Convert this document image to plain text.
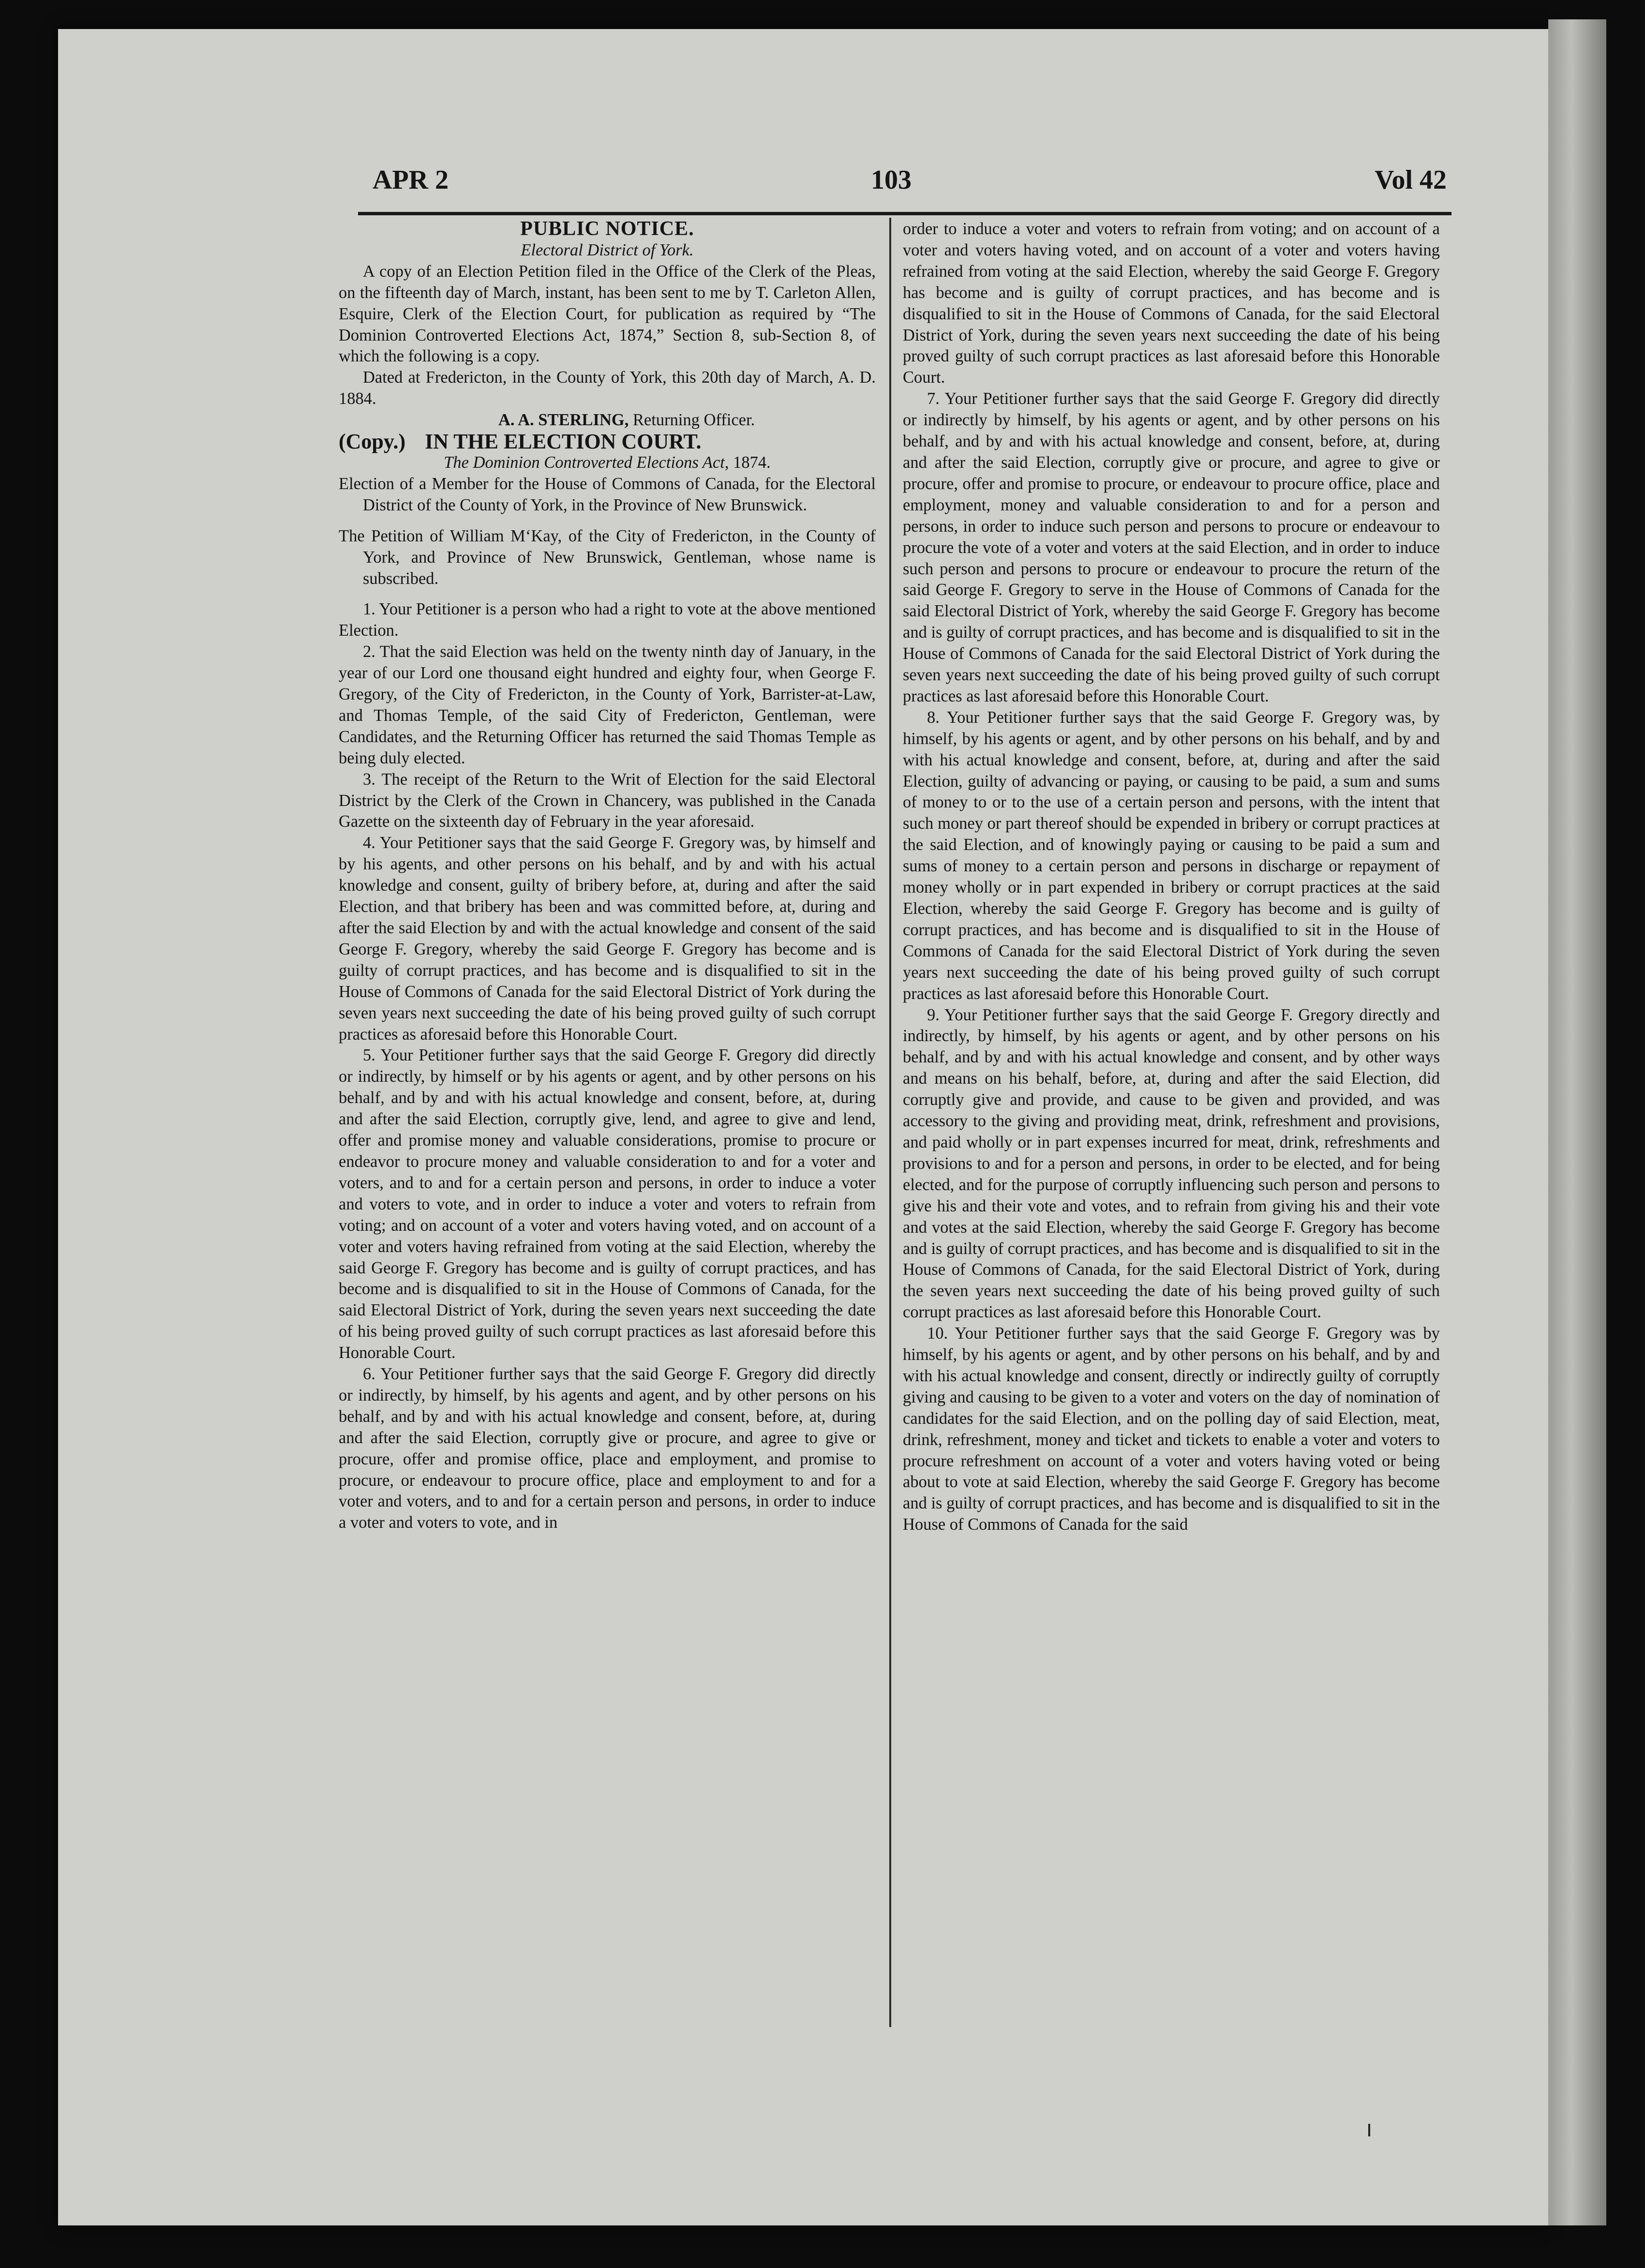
APR 2	103	Vol 42

PUBLIC NOTICE.

Electoral District of York.

A copy of an Election Petition filed in the Office of the Clerk of the Pleas, on the fifteenth day of March, instant, has been sent to me by T. Carleton Allen, Esquire, Clerk of the Election Court, for publication as required by “The Dominion Controverted Elections Act, 1874,” Section 8, sub-Section 8, of which the following is a copy.

Dated at Fredericton, in the County of York, this 20th day of March, A. D. 1884.

A. A. STERLING, Returning Officer.

(Copy.) IN THE ELECTION COURT.

The Dominion Controverted Elections Act, 1874.

Election of a Member for the House of Commons of Canada, for the Electoral District of the County of York, in the Province of New Brunswick.

The Petition of William M‘Kay, of the City of Fredericton, in the County of York, and Province of New Brunswick, Gentleman, whose name is subscribed.

1. Your Petitioner is a person who had a right to vote at the above mentioned Election.

2. That the said Election was held on the twenty ninth day of January, in the year of our Lord one thousand eight hundred and eighty four, when George F. Gregory, of the City of Fredericton, in the County of York, Barrister-at-Law, and Thomas Temple, of the said City of Fredericton, Gentleman, were Candidates, and the Returning Officer has returned the said Thomas Temple as being duly elected.

3. The receipt of the Return to the Writ of Election for the said Electoral District by the Clerk of the Crown in Chancery, was published in the Canada Gazette on the sixteenth day of February in the year aforesaid.

4. Your Petitioner says that the said George F. Gregory was, by himself and by his agents, and other persons on his behalf, and by and with his actual knowledge and consent, guilty of bribery before, at, during and after the said Election, and that bribery has been and was committed before, at, during and after the said Election by and with the actual knowledge and consent of the said George F. Gregory, whereby the said George F. Gregory has become and is guilty of corrupt practices, and has become and is disqualified to sit in the House of Commons of Canada for the said Electoral District of York during the seven years next succeeding the date of his being proved guilty of such corrupt practices as aforesaid before this Honorable Court.

5. Your Petitioner further says that the said George F. Gregory did directly or indirectly, by himself or by his agents or agent, and by other persons on his behalf, and by and with his actual knowledge and consent, before, at, during and after the said Election, corruptly give, lend, and agree to give and lend, offer and promise money and valuable considerations, promise to procure or endeavor to procure money and valuable consideration to and for a voter and voters, and to and for a certain person and persons, in order to induce a voter and voters to vote, and in order to induce a voter and voters to refrain from voting; and on account of a voter and voters having voted, and on account of a voter and voters having refrained from voting at the said Election, whereby the said George F. Gregory has become and is guilty of corrupt practices, and has become and is disqualified to sit in the House of Commons of Canada, for the said Electoral District of York, during the seven years next succeeding the date of his being proved guilty of such corrupt practices as last aforesaid before this Honorable Court.

6. Your Petitioner further says that the said George F. Gregory did directly or indirectly, by himself, by his agents and agent, and by other persons on his behalf, and by and with his actual knowledge and consent, before, at, during and after the said Election, corruptly give or procure, and agree to give or procure, offer and promise office, place and employment, and promise to procure, or endeavour to procure office, place and employment to and for a voter and voters, and to and for a certain person and persons, in order to induce a voter and voters to vote, and in

order to induce a voter and voters to refrain from voting; and on account of a voter and voters having voted, and on account of a voter and voters having refrained from voting at the said Election, whereby the said George F. Gregory has become and is guilty of corrupt practices, and has become and is disqualified to sit in the House of Commons of Canada, for the said Electoral District of York, during the seven years next succeeding the date of his being proved guilty of such corrupt practices as last aforesaid before this Honorable Court.

7. Your Petitioner further says that the said George F. Gregory did directly or indirectly by himself, by his agents or agent, and by other persons on his behalf, and by and with his actual knowledge and consent, before, at, during and after the said Election, corruptly give or procure, and agree to give or procure, offer and promise to procure, or endeavour to procure office, place and employment, money and valuable consideration to and for a person and persons, in order to induce such person and persons to procure or endeavour to procure the vote of a voter and voters at the said Election, and in order to induce such person and persons to procure or endeavour to procure the return of the said George F. Gregory to serve in the House of Commons of Canada for the said Electoral District of York, whereby the said George F. Gregory has become and is guilty of corrupt practices, and has become and is disqualified to sit in the House of Commons of Canada for the said Electoral District of York during the seven years next succeeding the date of his being proved guilty of such corrupt practices as last aforesaid before this Honorable Court.

8. Your Petitioner further says that the said George F. Gregory was, by himself, by his agents or agent, and by other persons on his behalf, and by and with his actual knowledge and consent, before, at, during and after the said Election, guilty of advancing or paying, or causing to be paid, a sum and sums of money to or to the use of a certain person and persons, with the intent that such money or part thereof should be expended in bribery or corrupt practices at the said Election, and of knowingly paying or causing to be paid a sum and sums of money to a certain person and persons in discharge or repayment of money wholly or in part expended in bribery or corrupt practices at the said Election, whereby the said George F. Gregory has become and is guilty of corrupt practices, and has become and is disqualified to sit in the House of Commons of Canada for the said Electoral District of York during the seven years next succeeding the date of his being proved guilty of such corrupt practices as last aforesaid before this Honorable Court.

9. Your Petitioner further says that the said George F. Gregory directly and indirectly, by himself, by his agents or agent, and by other persons on his behalf, and by and with his actual knowledge and consent, and by other ways and means on his behalf, before, at, during and after the said Election, did corruptly give and provide, and cause to be given and provided, and was accessory to the giving and providing meat, drink, refreshment and provisions, and paid wholly or in part expenses incurred for meat, drink, refreshments and provisions to and for a person and persons, in order to be elected, and for being elected, and for the purpose of corruptly influencing such person and persons to give his and their vote and votes, and to refrain from giving his and their vote and votes at the said Election, whereby the said George F. Gregory has become and is guilty of corrupt practices, and has become and is disqualified to sit in the House of Commons of Canada, for the said Electoral District of York, during the seven years next succeeding the date of his being proved guilty of such corrupt practices as last aforesaid before this Honorable Court.

10. Your Petitioner further says that the said George F. Gregory was by himself, by his agents or agent, and by other persons on his behalf, and by and with his actual knowledge and consent, directly or indirectly guilty of corruptly giving and causing to be given to a voter and voters on the day of nomination of candidates for the said Election, and on the polling day of said Election, meat, drink, refreshment, money and ticket and tickets to enable a voter and voters to procure refreshment on account of a voter and voters having voted or being about to vote at said Election, whereby the said George F. Gregory has become and is guilty of corrupt practices, and has become and is disqualified to sit in the House of Commons of Canada for the said
